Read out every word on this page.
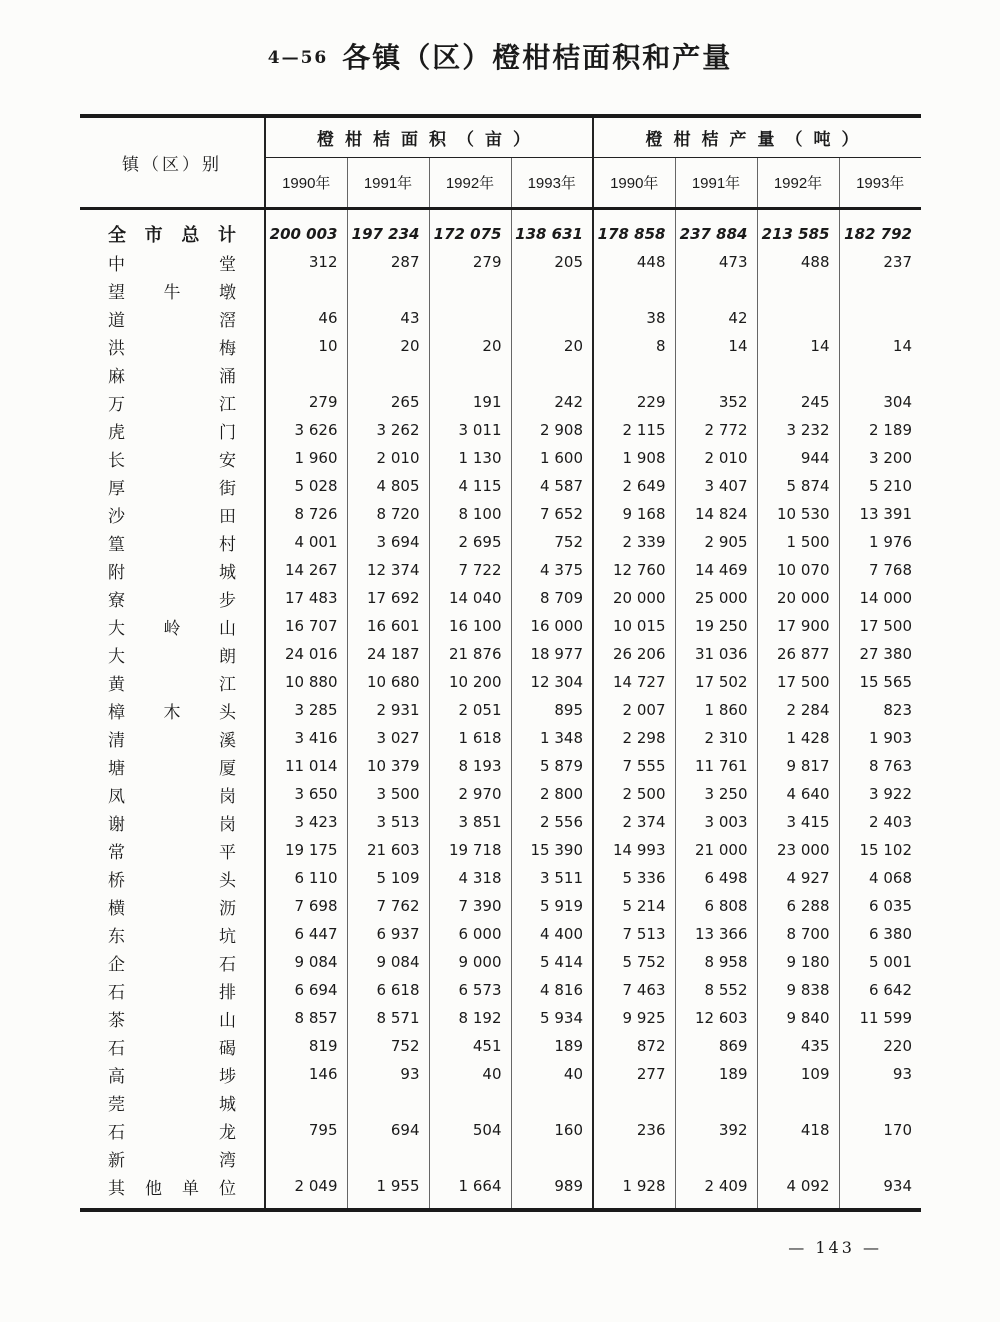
4—56 各镇（区）橙柑桔面积和产量
镇（区）别	橙柑桔面积（亩）				橙柑桔产量（吨）			
	1990年	1991年	1992年	1993年	1990年	1991年	1992年	1993年
全市总计	200 003	197 234	172 075	138 631	178 858	237 884	213 585	182 792
中堂	312	287	279	205	448	473	488	237
望牛墩								
道滘	46	43			38	42		
洪梅	10	20	20	20	8	14	14	14
麻涌								
万江	279	265	191	242	229	352	245	304
虎门	3 626	3 262	3 011	2 908	2 115	2 772	3 232	2 189
长安	1 960	2 010	1 130	1 600	1 908	2 010	944	3 200
厚街	5 028	4 805	4 115	4 587	2 649	3 407	5 874	5 210
沙田	8 726	8 720	8 100	7 652	9 168	14 824	10 530	13 391
篁村	4 001	3 694	2 695	752	2 339	2 905	1 500	1 976
附城	14 267	12 374	7 722	4 375	12 760	14 469	10 070	7 768
寮步	17 483	17 692	14 040	8 709	20 000	25 000	20 000	14 000
大岭山	16 707	16 601	16 100	16 000	10 015	19 250	17 900	17 500
大朗	24 016	24 187	21 876	18 977	26 206	31 036	26 877	27 380
黄江	10 880	10 680	10 200	12 304	14 727	17 502	17 500	15 565
樟木头	3 285	2 931	2 051	895	2 007	1 860	2 284	823
清溪	3 416	3 027	1 618	1 348	2 298	2 310	1 428	1 903
塘厦	11 014	10 379	8 193	5 879	7 555	11 761	9 817	8 763
凤岗	3 650	3 500	2 970	2 800	2 500	3 250	4 640	3 922
谢岗	3 423	3 513	3 851	2 556	2 374	3 003	3 415	2 403
常平	19 175	21 603	19 718	15 390	14 993	21 000	23 000	15 102
桥头	6 110	5 109	4 318	3 511	5 336	6 498	4 927	4 068
横沥	7 698	7 762	7 390	5 919	5 214	6 808	6 288	6 035
东坑	6 447	6 937	6 000	4 400	7 513	13 366	8 700	6 380
企石	9 084	9 084	9 000	5 414	5 752	8 958	9 180	5 001
石排	6 694	6 618	6 573	4 816	7 463	8 552	9 838	6 642
茶山	8 857	8 571	8 192	5 934	9 925	12 603	9 840	11 599
石碣	819	752	451	189	872	869	435	220
高埗	146	93	40	40	277	189	109	93
莞城								
石龙	795	694	504	160	236	392	418	170
新湾								
其他单位	2 049	1 955	1 664	989	1 928	2 409	4 092	934
— 143 —
